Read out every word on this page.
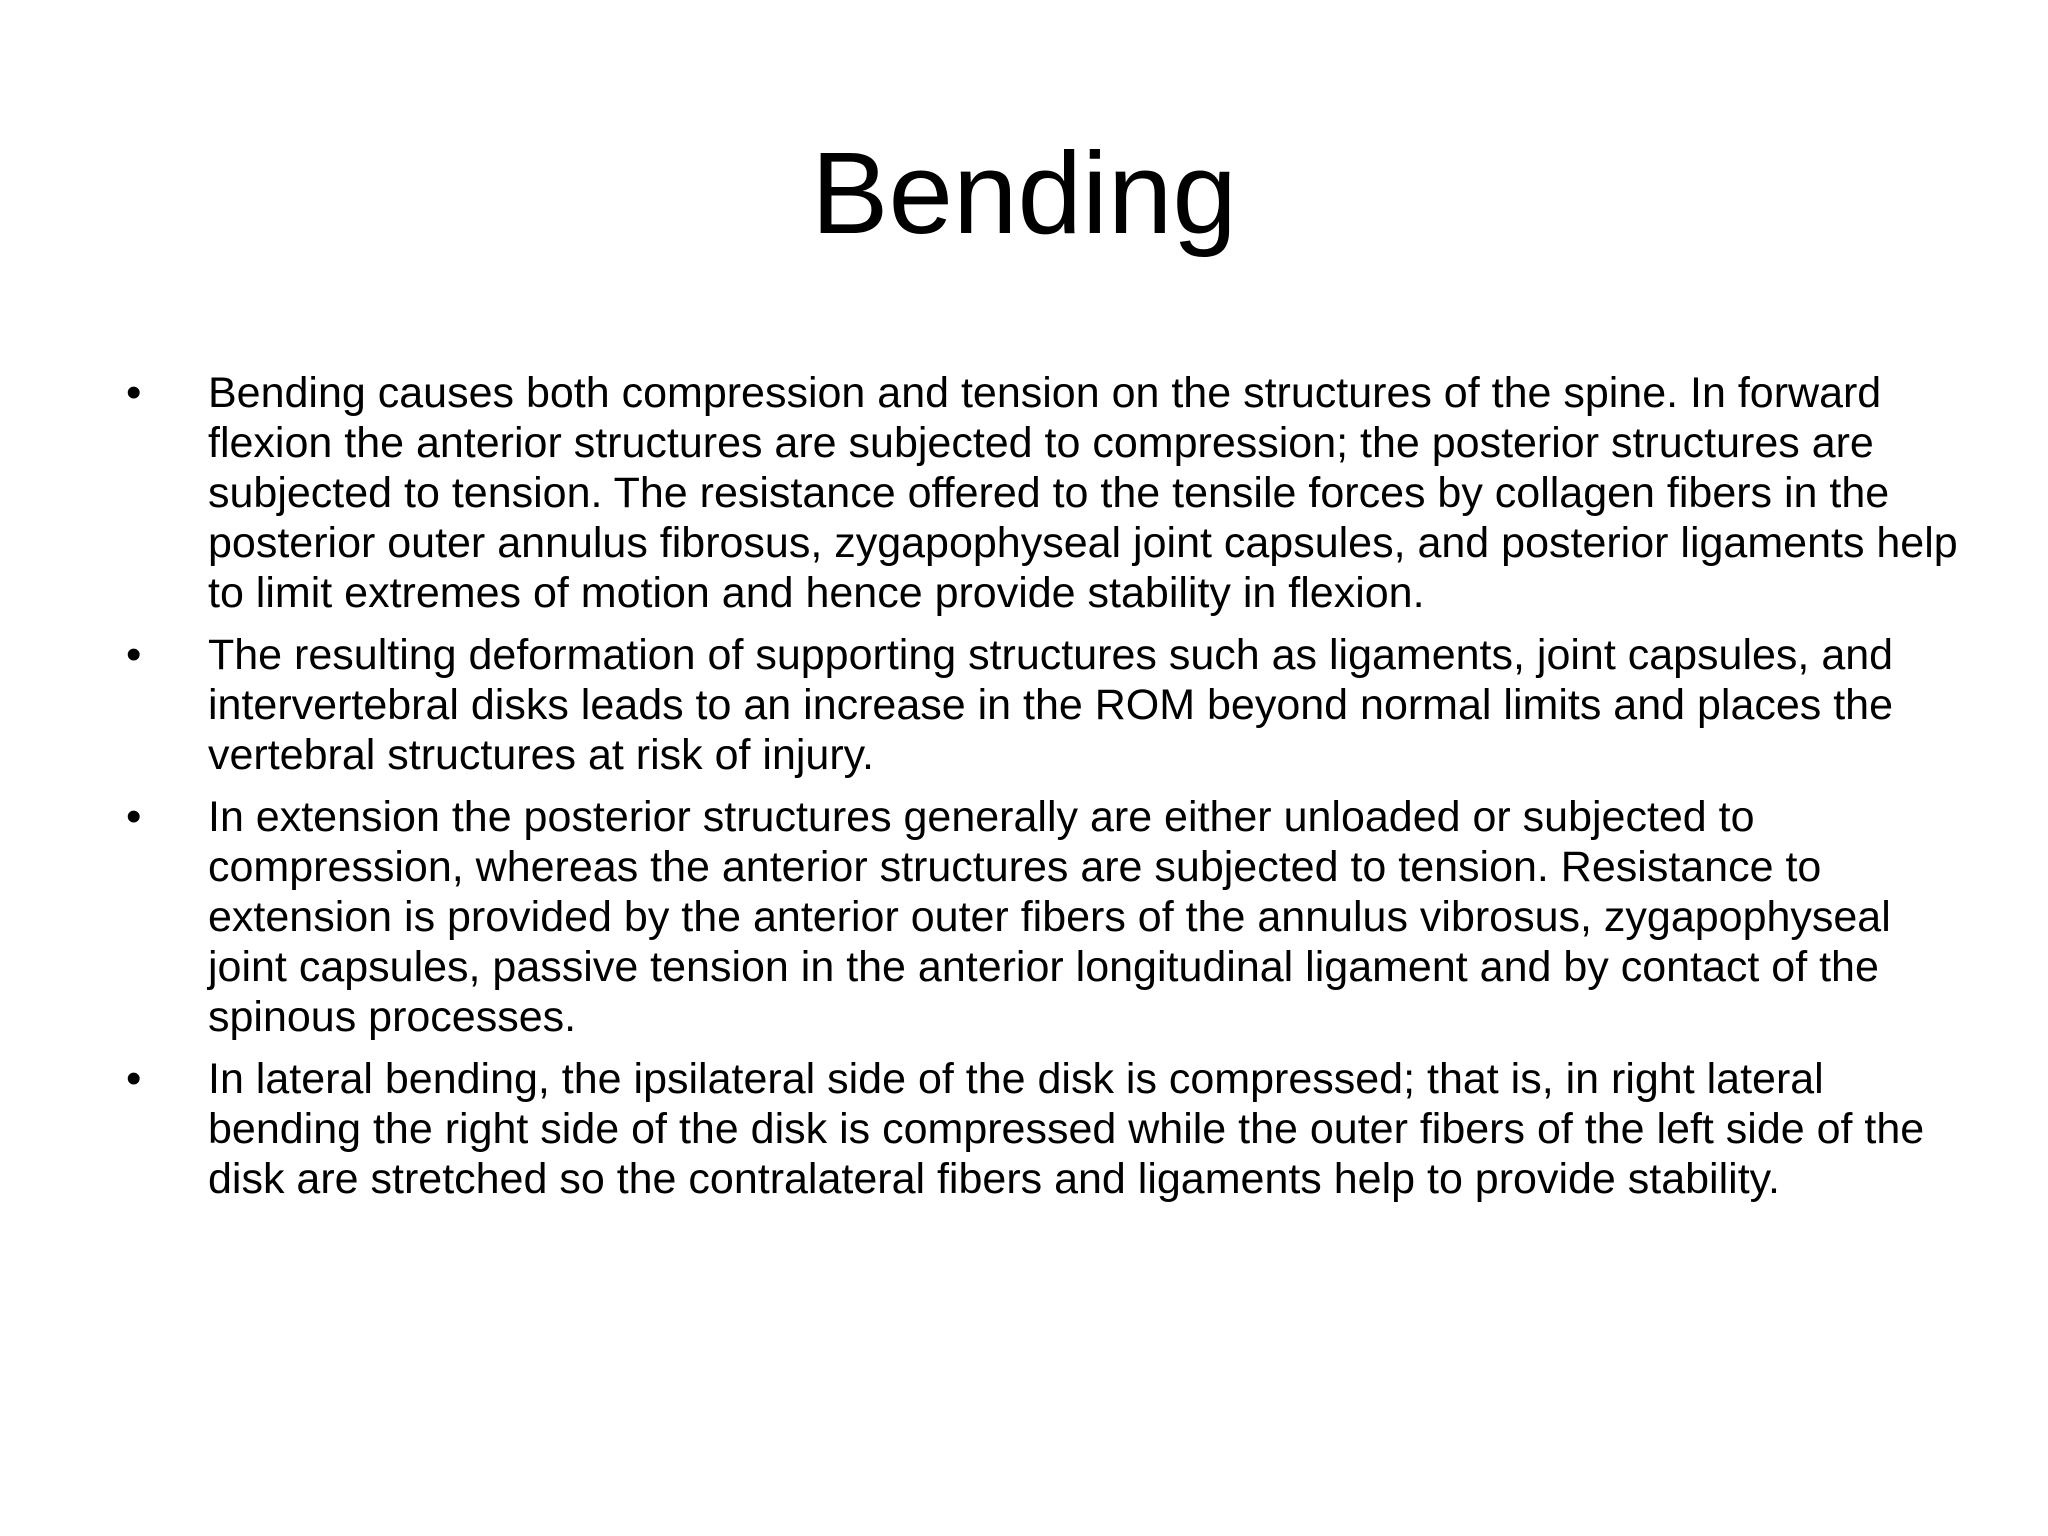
Bending
•	Bending causes both compression and tension on the structures of the spine. In forward flexion the anterior structures are subjected to compression; the posterior structures are subjected to tension. The resistance offered to the tensile forces by collagen fibers in the posterior outer annulus fibrosus, zygapophyseal joint capsules, and posterior ligaments help to limit extremes of motion and hence provide stability in flexion.
•	The resulting deformation of supporting structures such as ligaments, joint capsules, and intervertebral disks leads to an increase in the ROM beyond normal limits and places the vertebral structures at risk of injury.
•	In extension the posterior structures generally are either unloaded or subjected to compression, whereas the anterior structures are subjected to tension. Resistance to extension is provided by the anterior outer fibers of the annulus vibrosus, zygapophyseal joint capsules, passive tension in the anterior longitudinal ligament and by contact of the spinous processes.
•	In lateral bending, the ipsilateral side of the disk is compressed; that is, in right lateral bending the right side of the disk is compressed while the outer fibers of the left side of the disk are stretched so the contralateral fibers and ligaments help to provide stability.
